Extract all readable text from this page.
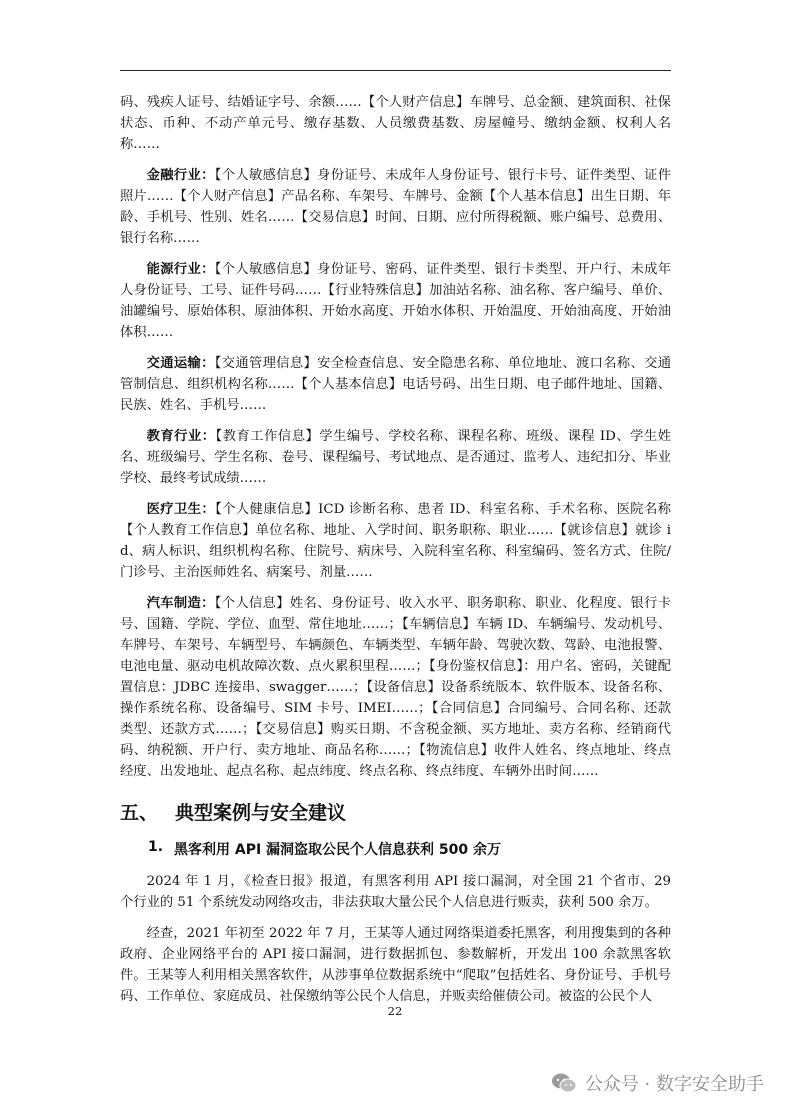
码、残疾人证号、结婚证字号、余额……【个人财产信息】车牌号、总金额、建筑面积、社保状态、币种、不动产单元号、缴存基数、人员缴费基数、房屋幢号、缴纳金额、权利人名称……

金融行业：【个人敏感信息】身份证号、未成年人身份证号、银行卡号、证件类型、证件照片……【个人财产信息】产品名称、车架号、车牌号、金额【个人基本信息】出生日期、年龄、手机号、性别、姓名……【交易信息】时间、日期、应付所得税额、账户编号、总费用、银行名称……

能源行业：【个人敏感信息】身份证号、密码、证件类型、银行卡类型、开户行、未成年人身份证号、工号、证件号码……【行业特殊信息】加油站名称、油名称、客户编号、单价、油罐编号、原始体积、原油体积、开始水高度、开始水体积、开始温度、开始油高度、开始油体积……

交通运输：【交通管理信息】安全检查信息、安全隐患名称、单位地址、渡口名称、交通管制信息、组织机构名称……【个人基本信息】电话号码、出生日期、电子邮件地址、国籍、民族、姓名、手机号……

教育行业：【教育工作信息】学生编号、学校名称、课程名称、班级、课程 ID、学生姓名、班级编号、学生名称、卷号、课程编号、考试地点、是否通过、监考人、违纪扣分、毕业学校、最终考试成绩……

医疗卫生：【个人健康信息】ICD 诊断名称、患者 ID、科室名称、手术名称、医院名称【个人教育工作信息】单位名称、地址、入学时间、职务职称、职业……【就诊信息】就诊 id、病人标识、组织机构名称、住院号、病床号、入院科室名称、科室编码、签名方式、住院/门诊号、主治医师姓名、病案号、剂量……

汽车制造：【个人信息】姓名、身份证号、收入水平、职务职称、职业、化程度、银行卡号、国籍、学院、学位、血型、常住地址……；【车辆信息】车辆 ID、车辆编号、发动机号、车牌号、车架号、车辆型号、车辆颜色、车辆类型、车辆年龄、驾驶次数、驾龄、电池报警、电池电量、驱动电机故障次数、点火累积里程……；【身份鉴权信息】：用户名、密码，关键配置信息：JDBC 连接串、swagger……；【设备信息】设备系统版本、软件版本、设备名称、操作系统名称、设备编号、SIM 卡号、IMEI……；【合同信息】合同编号、合同名称、还款类型、还款方式……；【交易信息】购买日期、不含税金额、买方地址、卖方名称、经销商代码、纳税额、开户行、卖方地址、商品名称……；【物流信息】收件人姓名、终点地址、终点经度、出发地址、起点名称、起点纬度、终点名称、终点纬度、车辆外出时间……

五、 典型案例与安全建议
1. 黑客利用 API 漏洞盗取公民个人信息获利 500 余万

2024 年 1 月，《检查日报》报道，有黑客利用 API 接口漏洞，对全国 21 个省市、29 个行业的 51 个系统发动网络攻击，非法获取大量公民个人信息进行贩卖，获利 500 余万。

经查，2021 年初至 2022 年 7 月，王某等人通过网络渠道委托黑客，利用搜集到的各种政府、企业网络平台的 API 接口漏洞，进行数据抓包、参数解析，开发出 100 余款黑客软件。王某等人利用相关黑客软件，从涉事单位数据系统中“爬取”包括姓名、身份证号、手机号码、工作单位、家庭成员、社保缴纳等公民个人信息，并贩卖给催债公司。被盗的公民个人

22
公众号 · 数字安全助手
